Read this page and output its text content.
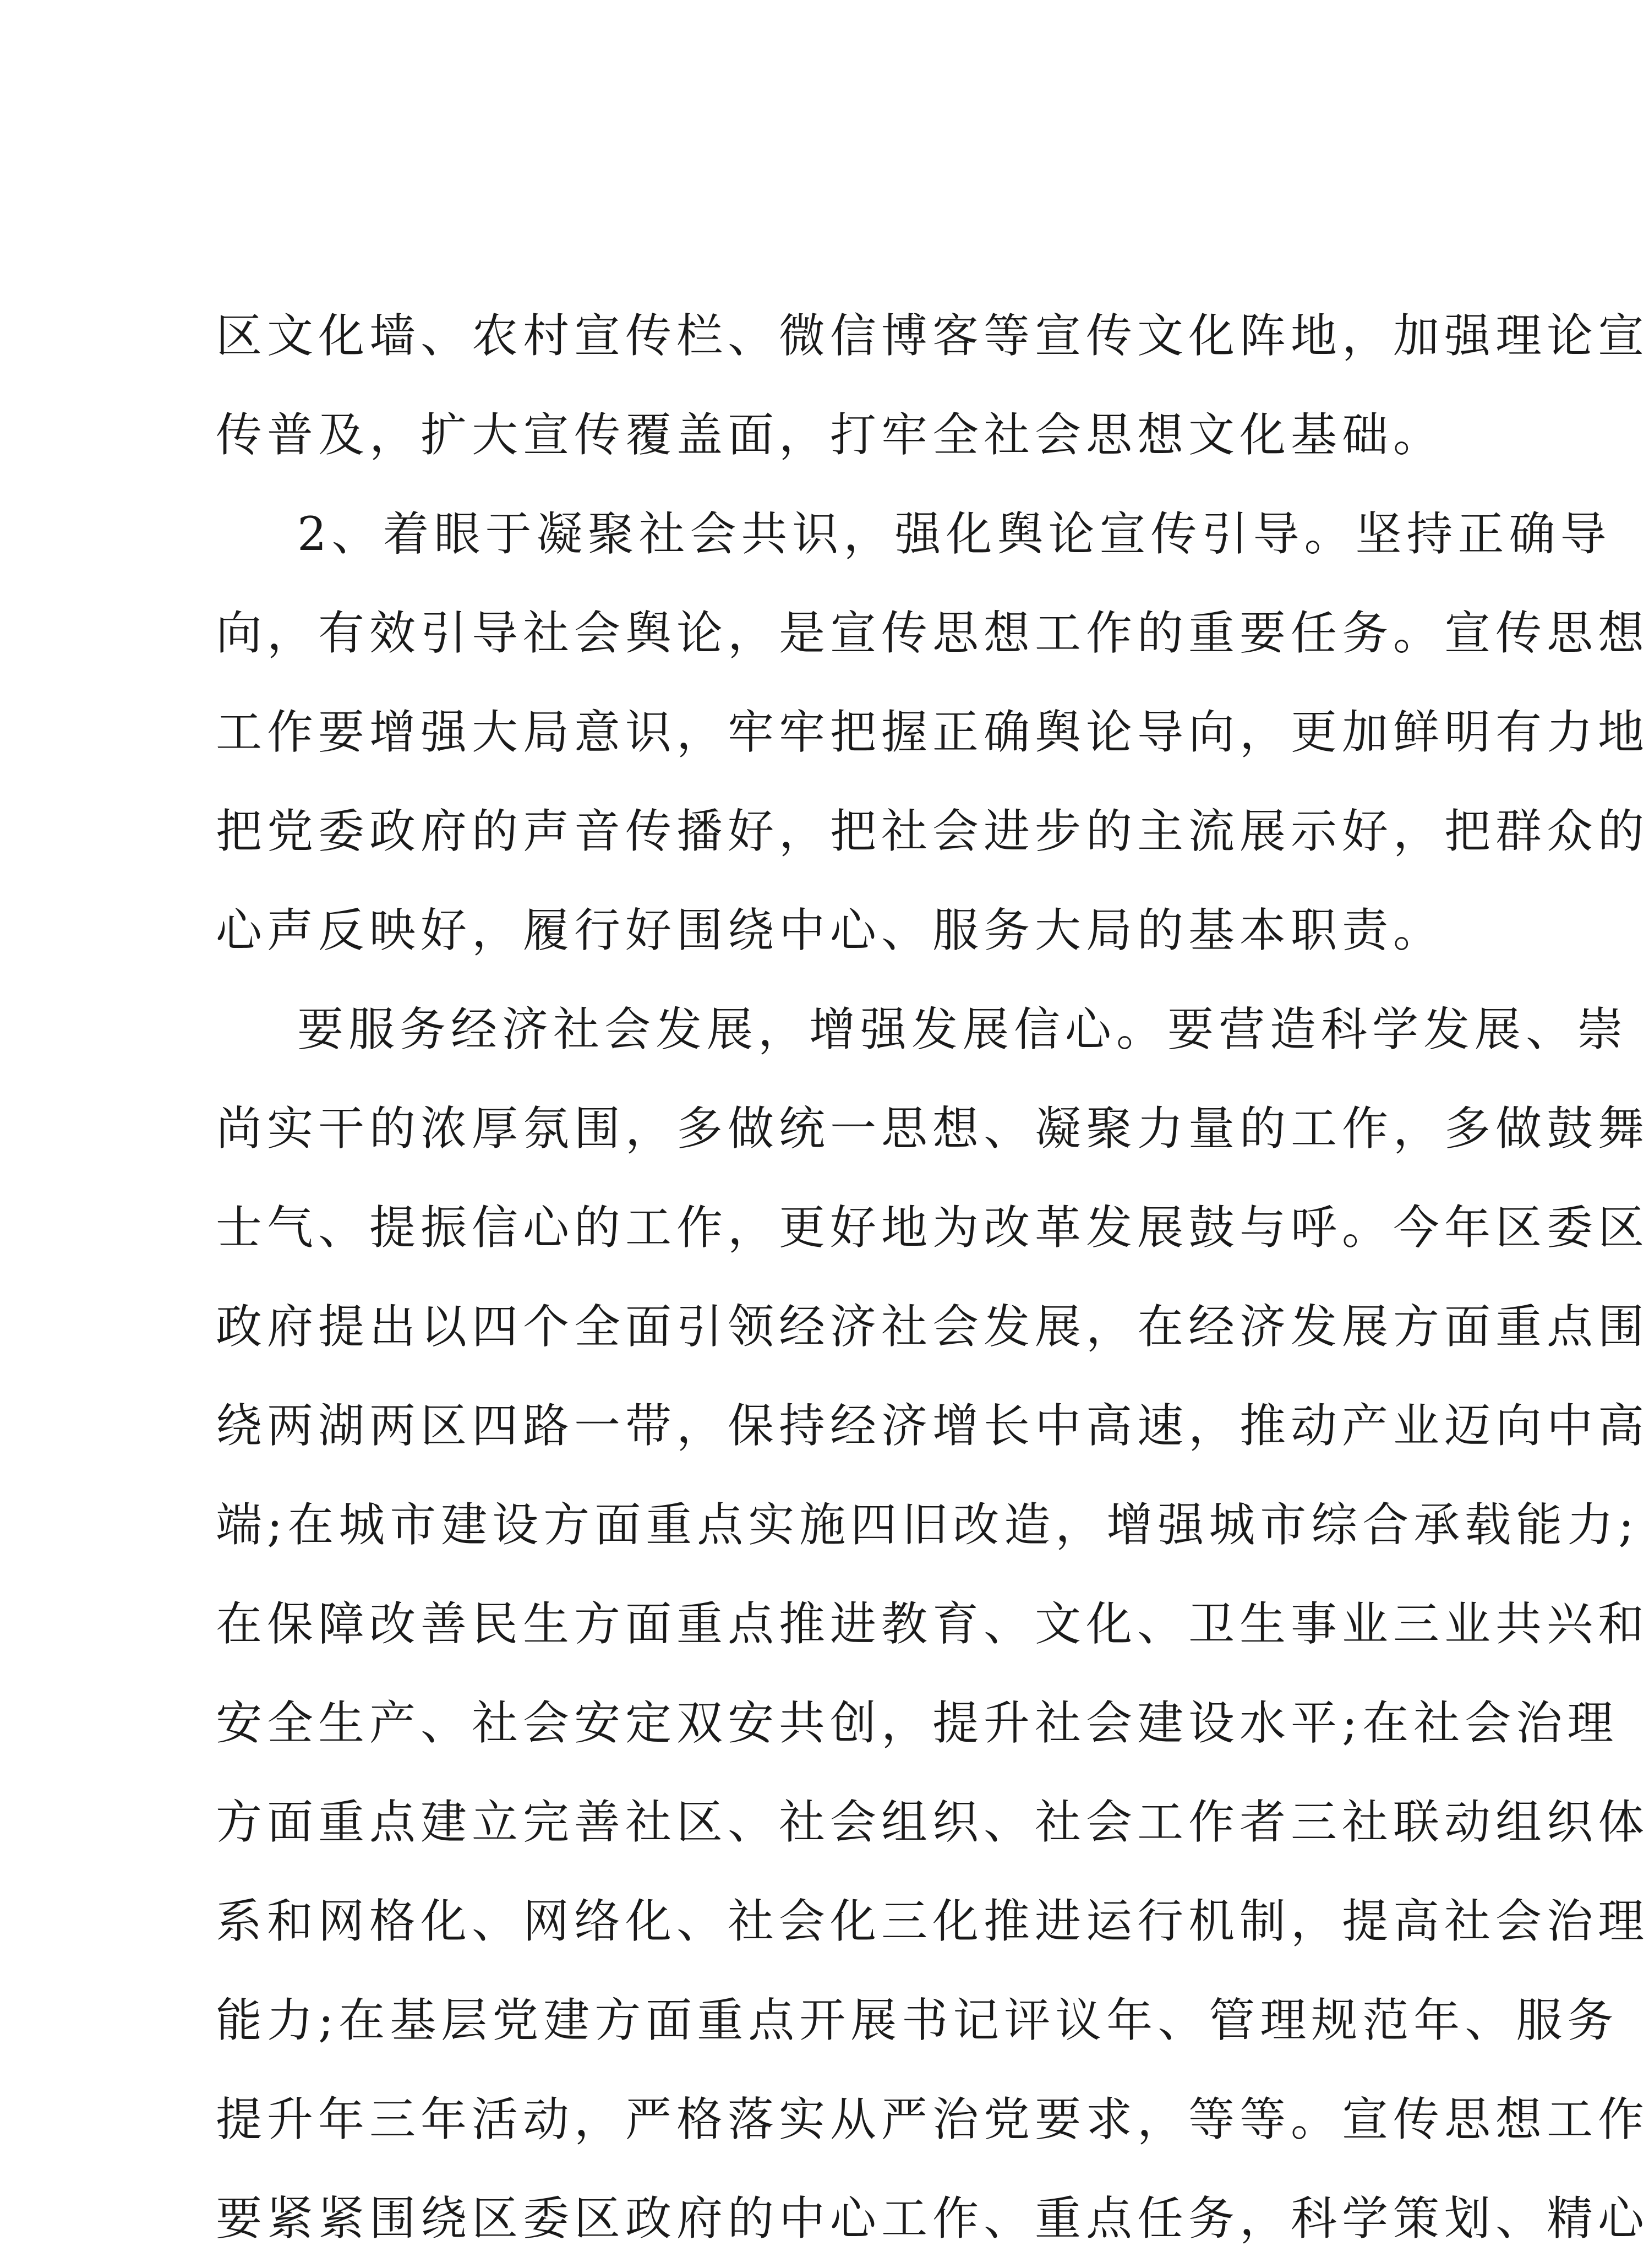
区文化墙、农村宣传栏、微信博客等宣传文化阵地，加强理论宣
传普及，扩大宣传覆盖面，打牢全社会思想文化基础。
2、着眼于凝聚社会共识，强化舆论宣传引导。坚持正确导
向，有效引导社会舆论，是宣传思想工作的重要任务。宣传思想
工作要增强大局意识，牢牢把握正确舆论导向，更加鲜明有力地
把党委政府的声音传播好，把社会进步的主流展示好，把群众的
心声反映好，履行好围绕中心、服务大局的基本职责。
要服务经济社会发展，增强发展信心。要营造科学发展、崇
尚实干的浓厚氛围，多做统一思想、凝聚力量的工作，多做鼓舞
士气、提振信心的工作，更好地为改革发展鼓与呼。今年区委区
政府提出以四个全面引领经济社会发展，在经济发展方面重点围
绕两湖两区四路一带，保持经济增长中高速，推动产业迈向中高
端;在城市建设方面重点实施四旧改造，增强城市综合承载能力;
在保障改善民生方面重点推进教育、文化、卫生事业三业共兴和
安全生产、社会安定双安共创，提升社会建设水平;在社会治理
方面重点建立完善社区、社会组织、社会工作者三社联动组织体
系和网格化、网络化、社会化三化推进运行机制，提高社会治理
能力;在基层党建方面重点开展书记评议年、管理规范年、服务
提升年三年活动，严格落实从严治党要求，等等。宣传思想工作
要紧紧围绕区委区政府的中心工作、重点任务，科学策划、精心
